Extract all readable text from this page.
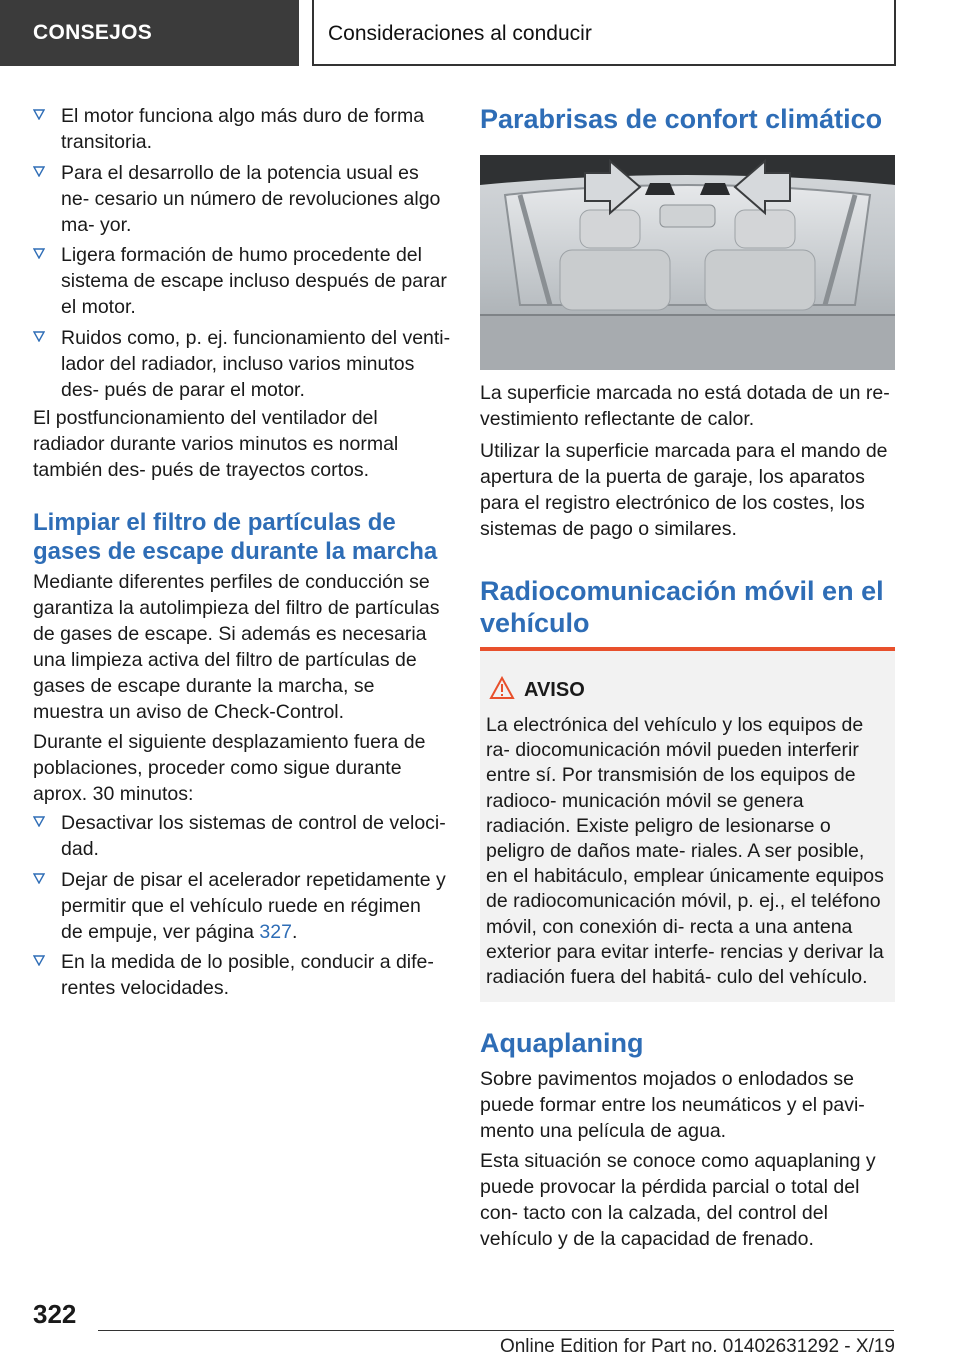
CONSEJOS	Consideraciones al conducir

El motor funciona algo más duro de forma transitoria.

Para el desarrollo de la potencia usual es ne- cesario un número de revoluciones algo ma- yor.

Ligera formación de humo procedente del sistema de escape incluso después de parar el motor.

Ruidos como, p. ej. funcionamiento del venti- lador del radiador, incluso varios minutos des- pués de parar el motor.

El postfuncionamiento del ventilador del radiador durante varios minutos es normal también des- pués de trayectos cortos.

Limpiar el filtro de partículas de gases de escape durante la marcha

Mediante diferentes perfiles de conducción se garantiza la autolimpieza del filtro de partículas de gases de escape. Si además es necesaria una limpieza activa del filtro de partículas de gases de escape durante la marcha, se muestra un aviso de Check-Control.

Durante el siguiente desplazamiento fuera de poblaciones, proceder como sigue durante aprox. 30 minutos:

Desactivar los sistemas de control de veloci- dad.

Dejar de pisar el acelerador repetidamente y permitir que el vehículo ruede en régimen de empuje, ver página 327.

En la medida de lo posible, conducir a dife- rentes velocidades.

Parabrisas de confort climático

La superficie marcada no está dotada de un re- vestimiento reflectante de calor.

Utilizar la superficie marcada para el mando de apertura de la puerta de garaje, los aparatos para el registro electrónico de los costes, los sistemas de pago o similares.

Radiocomunicación móvil en el vehículo
AVISO

La electrónica del vehículo y los equipos de ra- diocomunicación móvil pueden interferir entre sí. Por transmisión de los equipos de radioco- municación móvil se genera radiación. Existe peligro de lesionarse o peligro de daños mate- riales. A ser posible, en el habitáculo, emplear únicamente equipos de radiocomunicación móvil, p. ej., el teléfono móvil, con conexión di- recta a una antena exterior para evitar interfe- rencias y derivar la radiación fuera del habitá- culo del vehículo.

Aquaplaning

Sobre pavimentos mojados o enlodados se puede formar entre los neumáticos y el pavi- mento una película de agua.

Esta situación se conoce como aquaplaning y puede provocar la pérdida parcial o total del con- tacto con la calzada, del control del vehículo y de la capacidad de frenado.

322
Online Edition for Part no. 01402631292 - X/19
